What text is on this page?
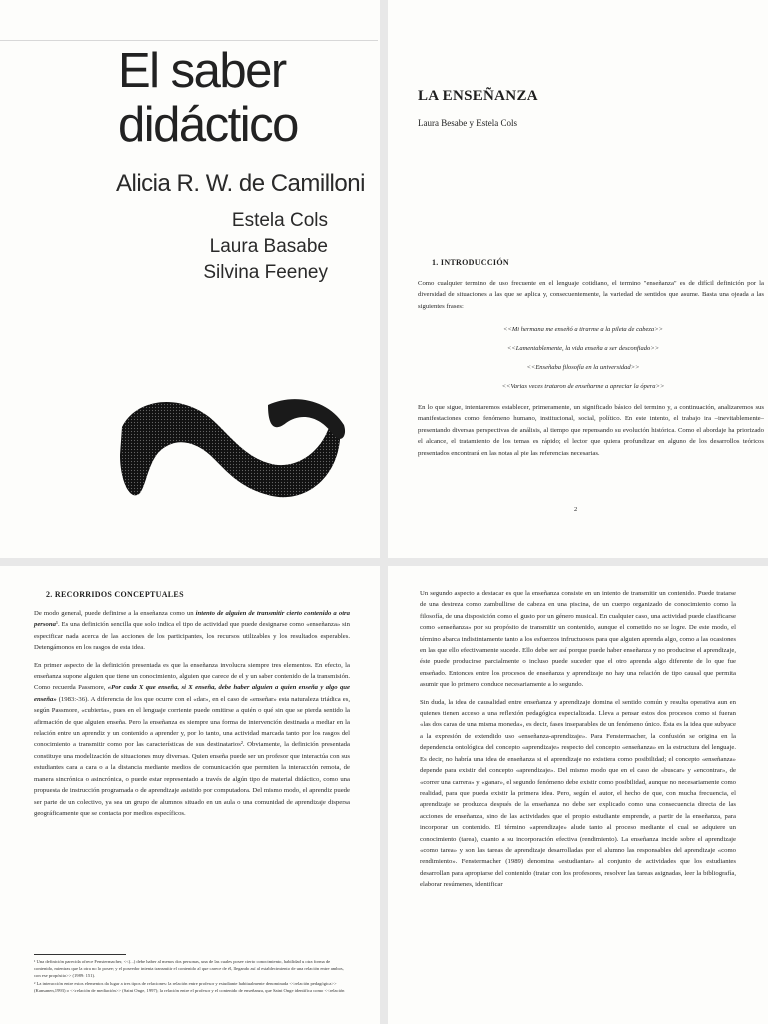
El saber
didáctico
Alicia R. W. de Camilloni
Estela Cols
Laura Basabe
Silvina Feeney
LA ENSEÑANZA
Laura Besabe y Estela Cols
1. INTRODUCCIÓN

Como cualquier termino de uso frecuente en el lenguaje cotidiano, el termino "enseñanza" es de difícil definición por la diversidad de situaciones a las que se aplica y, consecuentemente, la variedad de sentidos que asume. Basta una ojeada a las siguientes frases:

<<Mi hermana me enseñó a tirarme a la pileta de cabeza>>
<<Lamentablemente, la vida enseña a ser desconfiado>>
<<Enseñaba filosofía en la universidad>>
<<Varias veces trataron de enseñarme a apreciar la ópera>>

En lo que sigue, intentaremos establecer, primeramente, un significado básico del termino y, a continuación, analizaremos sus manifestaciones como fenómeno humano, institucional, social, político. En este intento, el trabajo ira –inevitablemente– presentando diversas perspectivas de análisis, al tiempo que repensando su evolución histórica. Como el abordaje ha priorizado el alcance, el tratamiento de los temas es rápido; el lector que quiera profundizar en alguno de los desarrollos teóricos presentados encontrará en las notas al pie las referencias necesarias.

2
2. RECORRIDOS CONCEPTUALES

De modo general, puede definirse a la enseñanza como un intento de alguien de transmitir cierto contenido a otra persona¹. Es una definición sencilla que solo indica el tipo de actividad que puede designarse como «enseñanza» sin especificar nada acerca de las acciones de los participantes, los recursos utilizables y los resultados esperables. Detengámonos en los rasgos de esta idea.

En primer aspecto de la definición presentada es que la enseñanza involucra siempre tres elementos. En efecto, la enseñanza supone alguien que tiene un conocimiento, alguien que carece de el y un saber contenido de la transmisión. Como recuerda Passmore, «Por cada X que enseña, si X enseña, debe haber alguien a quien enseña y algo que enseña» (1983:-36). A diferencia de los que ocurre con el «dar», en el caso de «enseñar» esta naturaleza triádica es, según Passmore, «cubierta», pues en el lenguaje corriente puede omitirse a quién o qué sin que se pierda sentido la afirmación de que alguien enseña. Pero la enseñanza es siempre una forma de intervención destinada a mediar en la relación entre un aprendiz y un contenido a aprender y, por lo tanto, una actividad marcada tanto por los rasgos del conocimiento a transmitir como por las características de sus destinatarios². Obviamente, la definición presentada constituye una modelización de situaciones muy diversas. Quien enseña puede ser un profesor que interactúa con sus estudiantes cara a cara o a la distancia mediante medios de comunicación que permiten la interacción remota, de manera sincrónica o asincrónica, o puede estar representado a través de algún tipo de material didáctico, como una propuesta de instrucción programada o de aprendizaje asistido por computadora. Del mismo modo, el aprendiz puede ser parte de un colectivo, ya sea un grupo de alumnos situado en un aula o una comunidad de aprendizaje dispersa geográficamente que se contacta por medios específicos.

¹ Una definición parecida ofrece Fenstermacher, <<(...) debe haber al menos dos personas, una de las cuales posee cierto conocimiento, habilidad u otra forma de contenido, mientras que la otra no lo posee; y el poseedor intenta transmitir el contenido al que carece de él, llegando así al establecimiento de una relación entre ambos, con ese propósito>> (1989: 151).

² La interacción entre estos elementos da lugar a tres tipos de relaciones: la relación entre profesor y estudiante habitualmente denominada <<relación pedagógica>> (Kansanen,1993) o <<relación de mediación>> (Saint Onge, 1997); la relación entre el profesor y el contenido de enseñanza, que Saint Onge identifica como <<relación

Un segundo aspecto a destacar es que la enseñanza consiste en un intento de transmitir un contenido. Puede tratarse de una destreza como zambullirse de cabeza en una piscina, de un cuerpo organizado de conocimiento como la filosofía, de una disposición como el gusto por un género musical. En cualquier caso, una actividad puede clasificarse como «enseñanza» por su propósito de transmitir un contenido, aunque el cometido no se logre. De este modo, el término abarca indistintamente tanto a los esfuerzos infructuosos para que alguien aprenda algo, como a las ocasiones en las que ello efectivamente sucede. Ello debe ser así porque puede haber enseñanza y no producirse el aprendizaje, éste puede producirse parcialmente o incluso puede suceder que el otro aprenda algo diferente de lo que fue enseñado. Entonces entre los procesos de enseñanza y aprendizaje no hay una relación de tipo causal que permita asumir que lo primero conduce necesariamente a lo segundo.

Sin duda, la idea de causalidad entre enseñanza y aprendizaje domina el sentido común y resulta operativa aun en quienes tienen acceso a una reflexión pedagógica especializada. Lleva a pensar estos dos procesos como si fueran «las dos caras de una misma moneda», es decir, fases inseparables de un fenómeno único. Ésta es la idea que subyace a la expresión de extendido uso «enseñanza-aprendizaje». Para Fenstermacher, la confusión se origina en la dependencia ontológica del concepto «aprendizaje» respecto del concepto «enseñanza» en la estructura del lenguaje. Es decir, no habría una idea de enseñanza si el aprendizaje no existiera como posibilidad; el concepto «enseñanza» depende para existir del concepto «aprendizaje». Del mismo modo que en el caso de «buscar» y «encontrar», de «correr una carrera» y «ganar», el segundo fenómeno debe existir como posibilidad, aunque no necesariamente como realidad, para que pueda existir la primera idea. Pero, según el autor, el hecho de que, con mucha frecuencia, el aprendizaje se produzca después de la enseñanza no debe ser explicado como una consecuencia directa de las acciones de enseñanza, sino de las actividades que el propio estudiante emprende, a partir de la enseñanza, para incorporar un contenido. El término «aprendizaje» alude tanto al proceso mediante el cual se adquiere un conocimiento (tarea), cuanto a su incorporación efectiva (rendimiento). La enseñanza incide sobre el aprendizaje «como tarea» y son las tareas de aprendizaje desarrolladas por el alumno las responsables del aprendizaje «como rendimiento». Fenstermacher (1989) denomina «estudiantar» al conjunto de actividades que los estudiantes desarrollan para apropiarse del contenido (tratar con los profesores, resolver las tareas asignadas, leer la bibliografía, elaborar resúmenes, identificar
